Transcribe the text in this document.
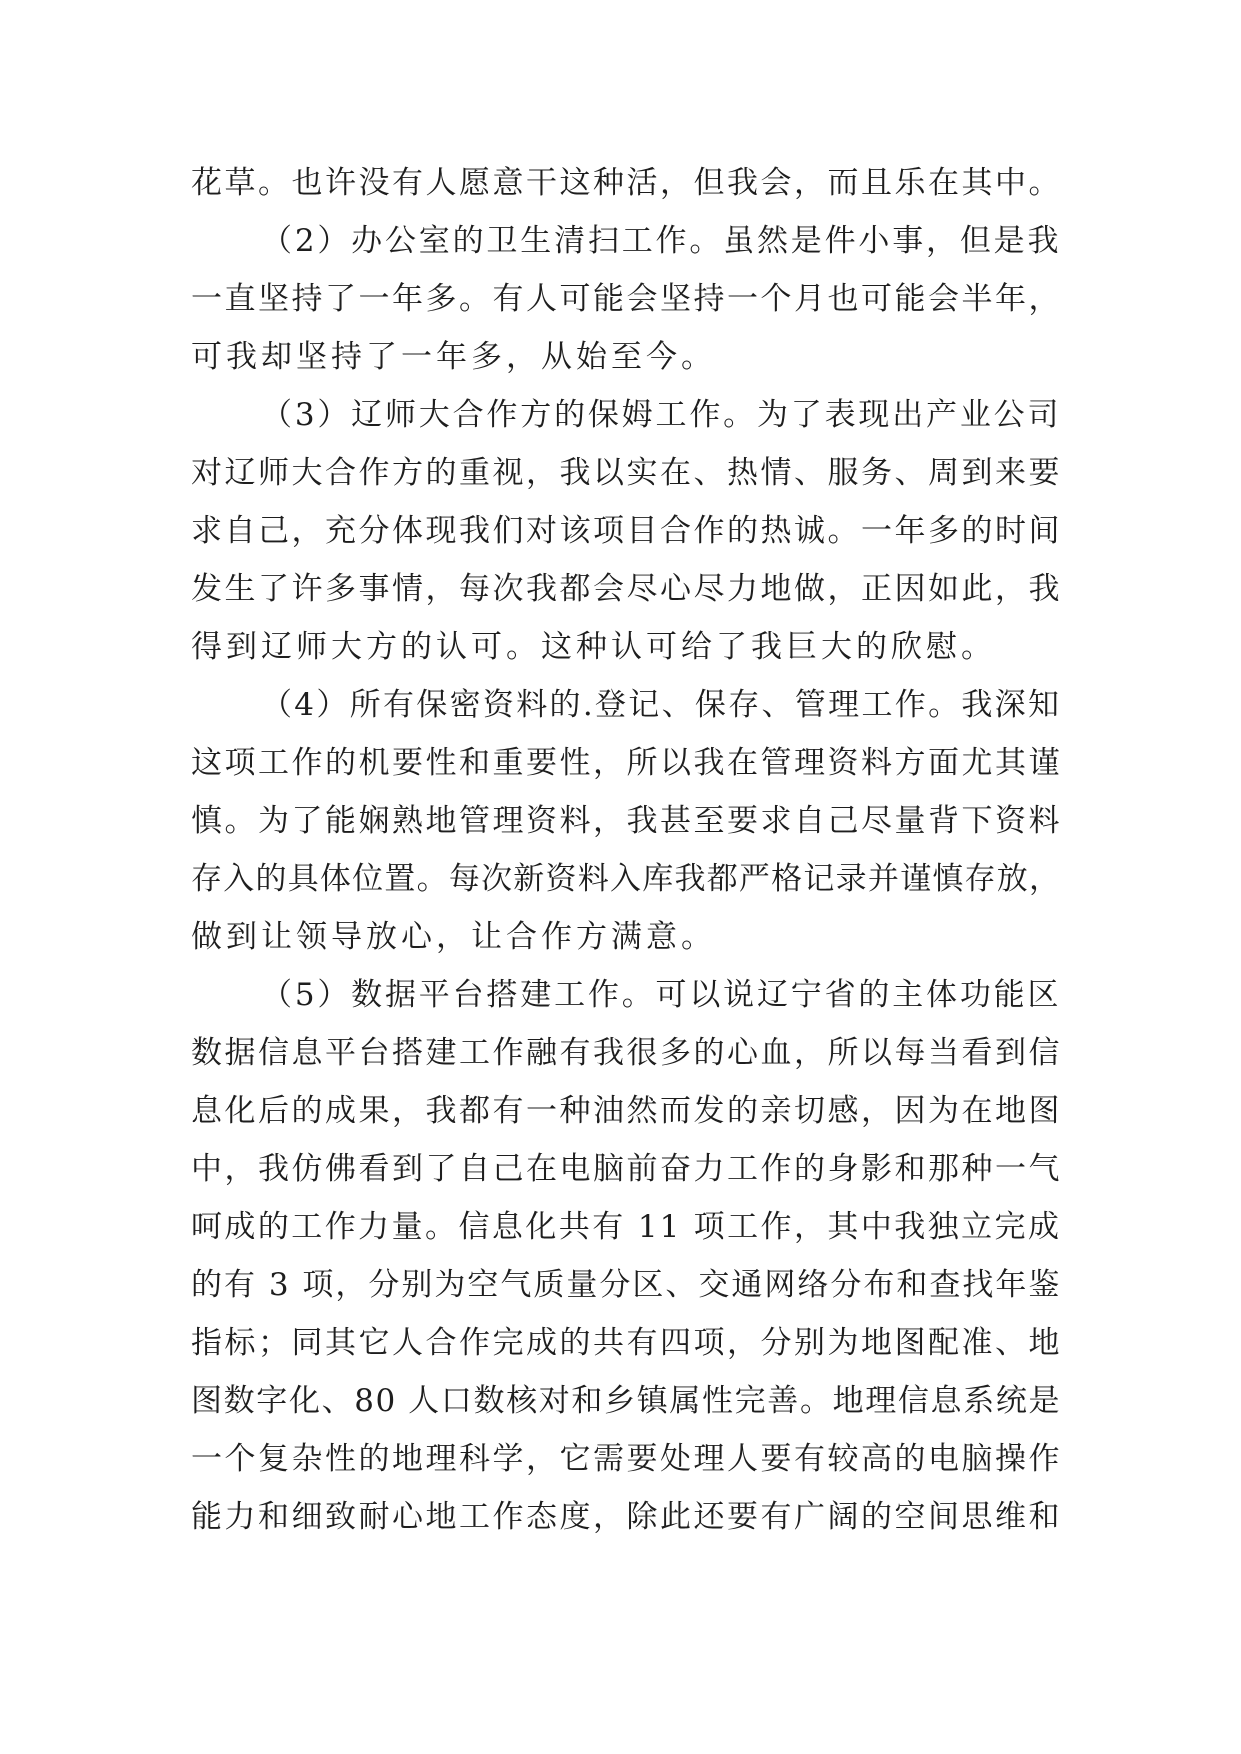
花草。也许没有人愿意干这种活，但我会，而且乐在其中。
（2）办公室的卫生清扫工作。虽然是件小事，但是我
一直坚持了一年多。有人可能会坚持一个月也可能会半年，
可我却坚持了一年多，从始至今。
（3）辽师大合作方的保姆工作。为了表现出产业公司
对辽师大合作方的重视，我以实在、热情、服务、周到来要
求自己，充分体现我们对该项目合作的热诚。一年多的时间
发生了许多事情，每次我都会尽心尽力地做，正因如此，我
得到辽师大方的认可。这种认可给了我巨大的欣慰。
（4）所有保密资料的.登记、保存、管理工作。我深知
这项工作的机要性和重要性，所以我在管理资料方面尤其谨
慎。为了能娴熟地管理资料，我甚至要求自己尽量背下资料
存入的具体位置。每次新资料入库我都严格记录并谨慎存放，
做到让领导放心，让合作方满意。
（5）数据平台搭建工作。可以说辽宁省的主体功能区
数据信息平台搭建工作融有我很多的心血，所以每当看到信
息化后的成果，我都有一种油然而发的亲切感，因为在地图
中，我仿佛看到了自己在电脑前奋力工作的身影和那种一气
呵成的工作力量。信息化共有 11 项工作，其中我独立完成
的有 3 项，分别为空气质量分区、交通网络分布和查找年鉴
指标；同其它人合作完成的共有四项，分别为地图配准、地
图数字化、80 人口数核对和乡镇属性完善。地理信息系统是
一个复杂性的地理科学，它需要处理人要有较高的电脑操作
能力和细致耐心地工作态度，除此还要有广阔的空间思维和
